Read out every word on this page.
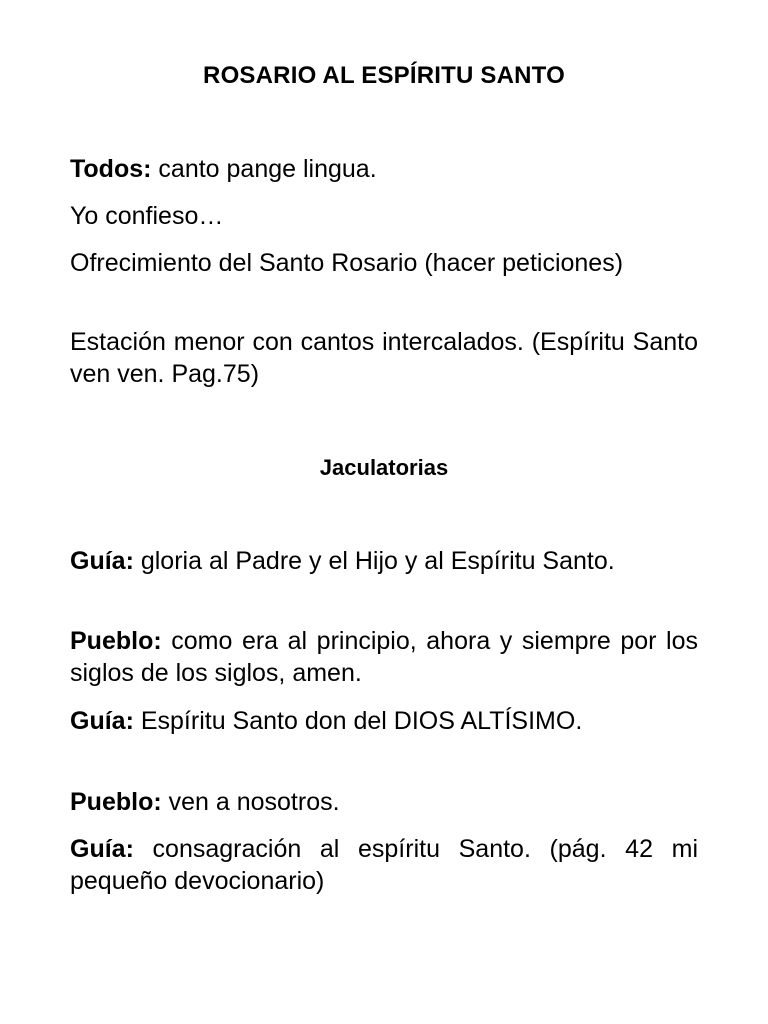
ROSARIO AL ESPÍRITU SANTO

Todos: canto pange lingua.

Yo confieso…

Ofrecimiento del Santo Rosario (hacer peticiones)

Estación menor con cantos intercalados. (Espíritu Santo ven ven. Pag.75)

Jaculatorias

Guía: gloria al Padre y el Hijo y al Espíritu Santo.

Pueblo: como era al principio, ahora y siempre por los siglos de los siglos, amen.

Guía: Espíritu Santo don del DIOS ALTÍSIMO.

Pueblo: ven a nosotros.

Guía: consagración al espíritu Santo. (pág. 42 mi pequeño devocionario)
